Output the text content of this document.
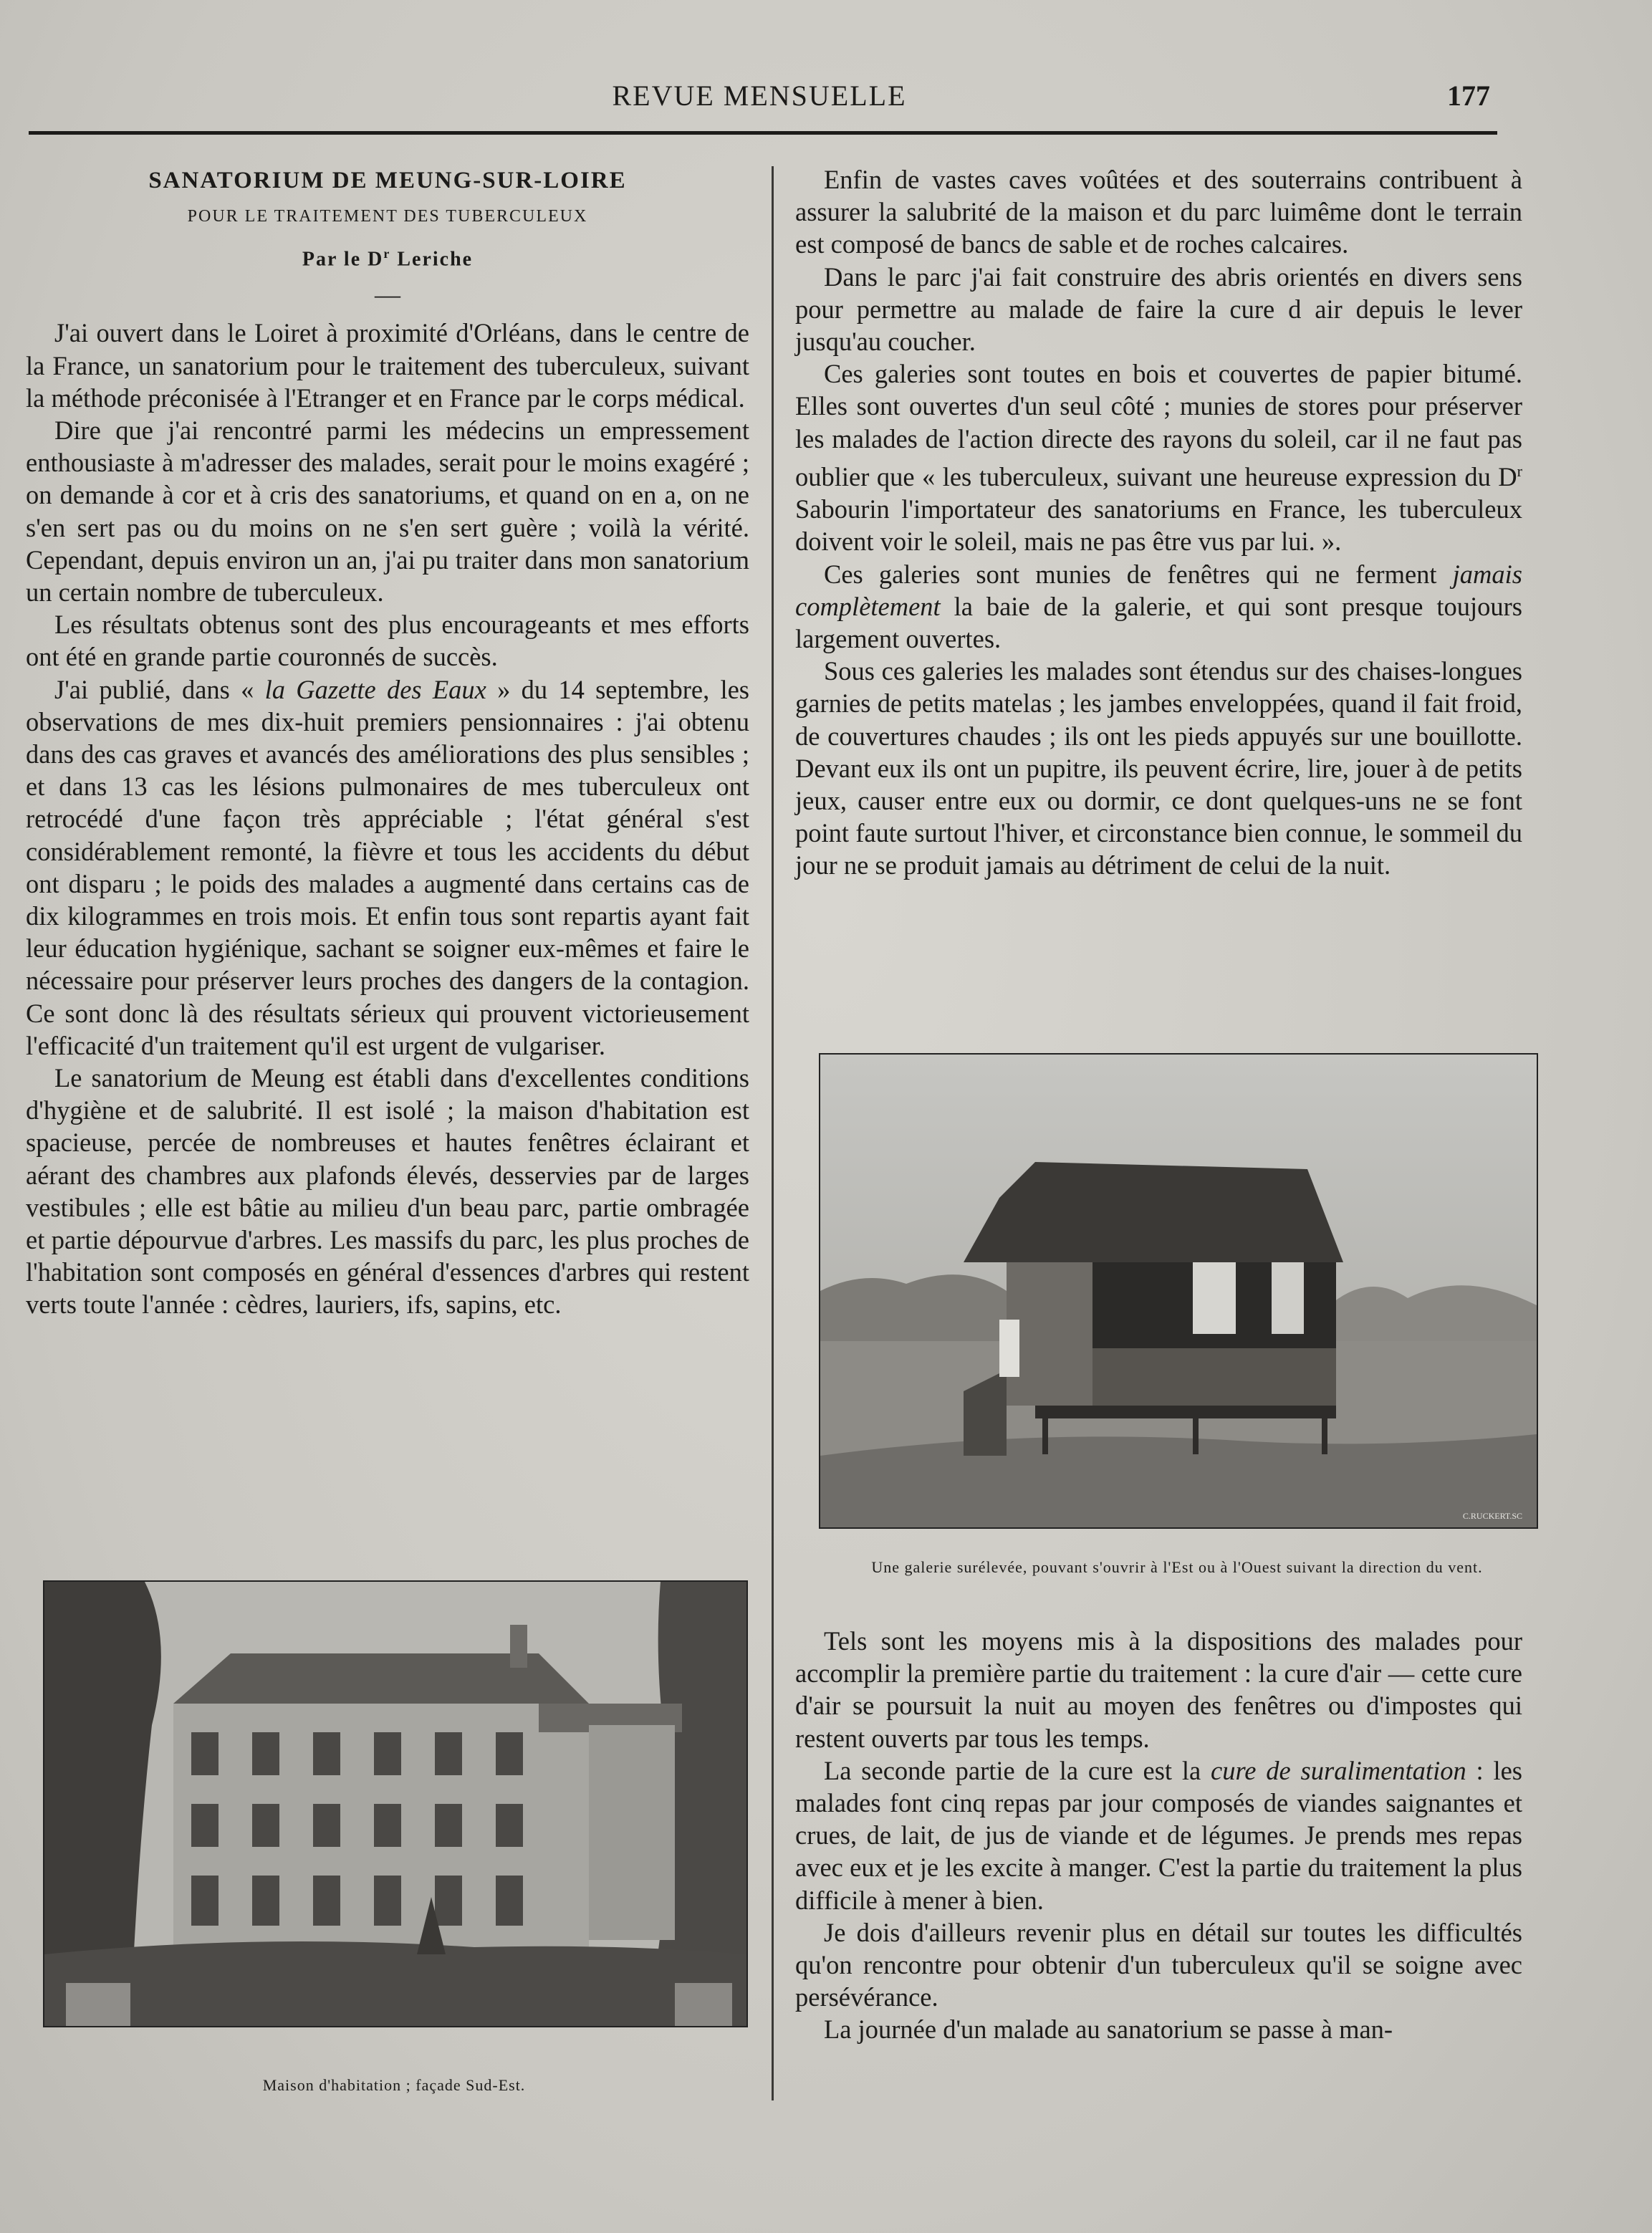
REVUE MENSUELLE	177
SANATORIUM DE MEUNG-SUR-LOIRE
POUR LE TRAITEMENT DES TUBERCULEUX
Par le $D^r$ Leriche
—

J'ai ouvert dans le Loiret à proximité d'Orléans, dans le centre de la France, un sanatorium pour le traitement des tuberculeux, suivant la méthode préconisée à l'Etranger et en France par le corps médical.

Dire que j'ai rencontré parmi les médecins un empressement enthousiaste à m'adresser des malades, serait pour le moins exagéré ; on demande à cor et à cris des sanatoriums, et quand on en a, on ne s'en sert pas ou du moins on ne s'en sert guère ; voilà la vérité. Cependant, depuis environ un an, j'ai pu traiter dans mon sanatorium un certain nombre de tuberculeux.

Les résultats obtenus sont des plus encourageants et mes efforts ont été en grande partie couronnés de succès.

J'ai publié, dans « la Gazette des Eaux » du 14 septembre, les observations de mes dix-huit premiers pensionnaires : j'ai obtenu dans des cas graves et avancés des améliorations des plus sensibles ; et dans 13 cas les lésions pulmonaires de mes tuberculeux ont retrocédé d'une façon très appréciable ; l'état général s'est considérablement remonté, la fièvre et tous les accidents du début ont disparu ; le poids des malades a augmenté dans certains cas de dix kilogrammes en trois mois. Et enfin tous sont repartis ayant fait leur éducation hygiénique, sachant se soigner eux-mêmes et faire le nécessaire pour préserver leurs proches des dangers de la contagion. Ce sont donc là des résultats sérieux qui prouvent victorieusement l'efficacité d'un traitement qu'il est urgent de vulgariser.

Le sanatorium de Meung est établi dans d'excellentes conditions d'hygiène et de salubrité. Il est isolé ; la maison d'habitation est spacieuse, percée de nombreuses et hautes fenêtres éclairant et aérant des chambres aux plafonds élevés, desservies par de larges vestibules ; elle est bâtie au milieu d'un beau parc, partie ombragée et partie dépourvue d'arbres. Les massifs du parc, les plus proches de l'habitation sont composés en général d'essences d'arbres qui restent verts toute l'année : cèdres, lauriers, ifs, sapins, etc.

Enfin de vastes caves voûtées et des souterrains contribuent à assurer la salubrité de la maison et du parc luimême dont le terrain est composé de bancs de sable et de roches calcaires.

Dans le parc j'ai fait construire des abris orientés en divers sens pour permettre au malade de faire la cure d air depuis le lever jusqu'au coucher.

Ces galeries sont toutes en bois et couvertes de papier bitumé. Elles sont ouvertes d'un seul côté ; munies de stores pour préserver les malades de l'action directe des rayons du soleil, car il ne faut pas oublier que « les tuberculeux, suivant une heureuse expression du $D^r$ Sabourin l'importateur des sanatoriums en France, les tuberculeux doivent voir le soleil, mais ne pas être vus par lui. ».

Ces galeries sont munies de fenêtres qui ne ferment jamais complètement la baie de la galerie, et qui sont presque toujours largement ouvertes.

Sous ces galeries les malades sont étendus sur des chaises-longues garnies de petits matelas ; les jambes enveloppées, quand il fait froid, de couvertures chaudes ; ils ont les pieds appuyés sur une bouillotte. Devant eux ils ont un pupitre, ils peuvent écrire, lire, jouer à de petits jeux, causer entre eux ou dormir, ce dont quelques-uns ne se font point faute surtout l'hiver, et circonstance bien connue, le sommeil du jour ne se produit jamais au détriment de celui de la nuit.

Tels sont les moyens mis à la dispositions des malades pour accomplir la première partie du traitement : la cure d'air — cette cure d'air se poursuit la nuit au moyen des fenêtres ou d'impostes qui restent ouverts par tous les temps.

La seconde partie de la cure est la cure de suralimentation : les malades font cinq repas par jour composés de viandes saignantes et crues, de lait, de jus de viande et de légumes. Je prends mes repas avec eux et je les excite à manger. C'est la partie du traitement la plus difficile à mener à bien.

Je dois d'ailleurs revenir plus en détail sur toutes les difficultés qu'on rencontre pour obtenir d'un tuberculeux qu'il se soigne avec persévérance.

La journée d'un malade au sanatorium se passe à man-

C.RUCKERT.SC
Une galerie surélevée, pouvant s'ouvrir à l'Est ou à l'Ouest suivant la direction du vent.
Maison d'habitation ; façade Sud-Est.
